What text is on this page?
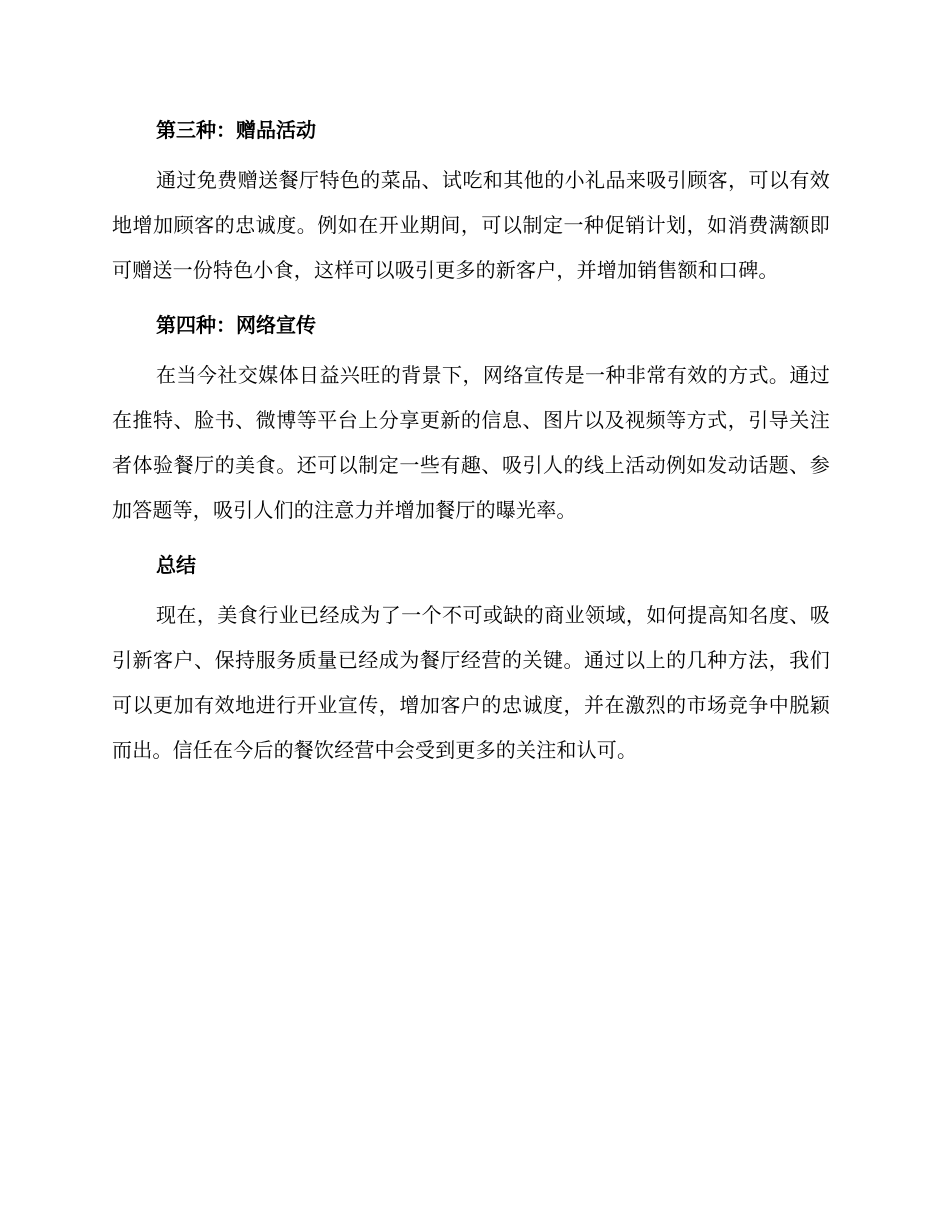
第三种：赠品活动

通过免费赠送餐厅特色的菜品、试吃和其他的小礼品来吸引顾客，可以有效地增加顾客的忠诚度。例如在开业期间，可以制定一种促销计划，如消费满额即可赠送一份特色小食，这样可以吸引更多的新客户，并增加销售额和口碑。

第四种：网络宣传

在当今社交媒体日益兴旺的背景下，网络宣传是一种非常有效的方式。通过在推特、脸书、微博等平台上分享更新的信息、图片以及视频等方式，引导关注者体验餐厅的美食。还可以制定一些有趣、吸引人的线上活动例如发动话题、参加答题等，吸引人们的注意力并增加餐厅的曝光率。

总结

现在，美食行业已经成为了一个不可或缺的商业领域，如何提高知名度、吸引新客户、保持服务质量已经成为餐厅经营的关键。通过以上的几种方法，我们可以更加有效地进行开业宣传，增加客户的忠诚度，并在激烈的市场竞争中脱颖而出。信任在今后的餐饮经营中会受到更多的关注和认可。
